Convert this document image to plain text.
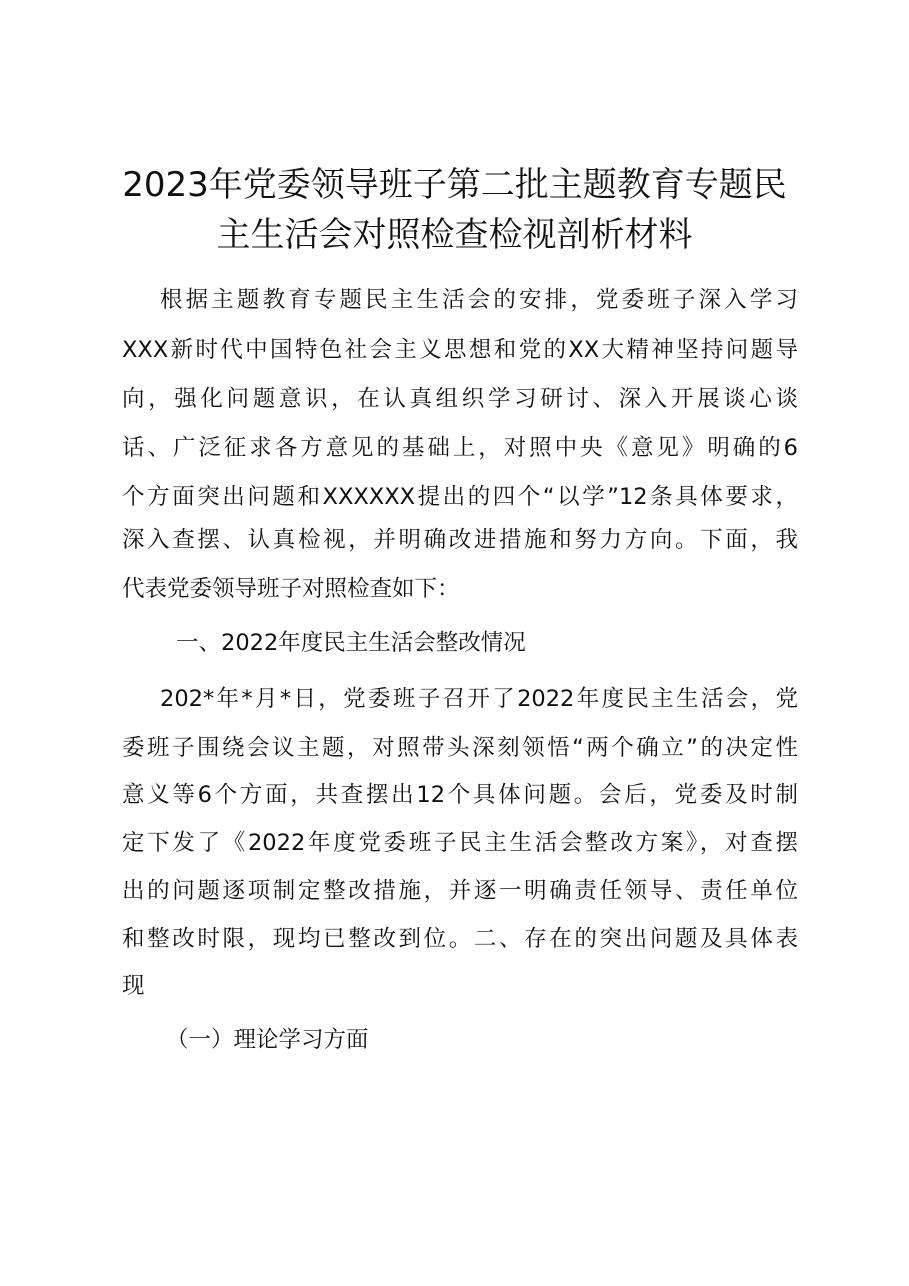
2023年党委领导班子第二批主题教育专题民
主生活会对照检查检视剖析材料

根据主题教育专题民主生活会的安排，党委班子深入学习

XXX新时代中国特色社会主义思想和党的XX大精神坚持问题导

向，强化问题意识，在认真组织学习研讨、深入开展谈心谈

话、广泛征求各方意见的基础上，对照中央《意见》明确的6

个方面突出问题和XXXXXX提出的四个“以学”12条具体要求，

深入查摆、认真检视，并明确改进措施和努力方向。下面，我

代表党委领导班子对照检查如下：

一、2022年度民主生活会整改情况

202*年*月*日，党委班子召开了2022年度民主生活会，党

委班子围绕会议主题，对照带头深刻领悟“两个确立”的决定性

意义等6个方面，共查摆出12个具体问题。会后，党委及时制

定下发了《2022年度党委班子民主生活会整改方案》，对查摆

出的问题逐项制定整改措施，并逐一明确责任领导、责任单位

和整改时限，现均已整改到位。二、存在的突出问题及具体表

现

（一）理论学习方面
